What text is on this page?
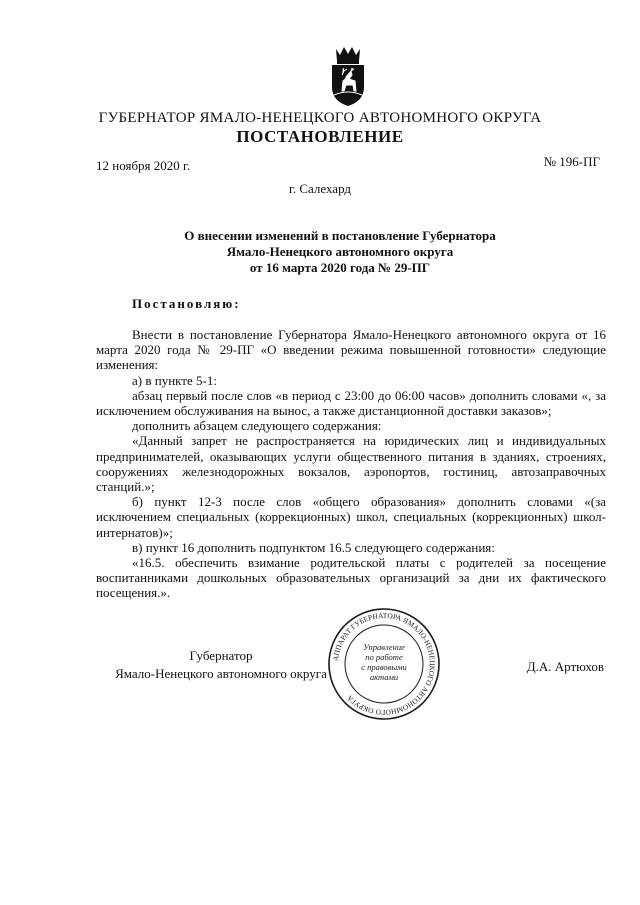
ГУБЕРНАТОР ЯМАЛО-НЕНЕЦКОГО АВТОНОМНОГО ОКРУГА
ПОСТАНОВЛЕНИЕ
12 ноября 2020 г.	№ 196-ПГ
г. Салехард
О внесении изменений в постановление Губернатора
Ямало-Ненецкого автономного округа
от 16 марта 2020 года № 29-ПГ
Постановляю:

Внести в постановление Губернатора Ямало-Ненецкого автономного округа от 16 марта 2020 года № 29-ПГ «О введении режима повышенной готовности» следующие изменения:

а) в пункте 5-1:

абзац первый после слов «в период с 23:00 до 06:00 часов» дополнить словами «, за исключением обслуживания на вынос, а также дистанционной доставки заказов»;

дополнить абзацем следующего содержания:

«Данный запрет не распространяется на юридических лиц и индивидуальных предпринимателей, оказывающих услуги общественного питания в зданиях, строениях, сооружениях железнодорожных вокзалов, аэропортов, гостиниц, автозаправочных станций.»;

б) пункт 12-3 после слов «общего образования» дополнить словами «(за исключением специальных (коррекционных) школ, специальных (коррекционных) школ-интернатов)»;

в) пункт 16 дополнить подпунктом 16.5 следующего содержания:

«16.5. обеспечить взимание родительской платы с родителей за посещение воспитанниками дошкольных образовательных организаций за дни их фактического посещения.».

Губернатор
Ямало-Ненецкого автономного округа	Д.А. Артюхов
АППАРАТ ГУБЕРНАТОРА ЯМАЛО-НЕНЕЦКОГО АВТОНОМНОГО ОКРУГА
Управление
по работе
с правовыми
актами
